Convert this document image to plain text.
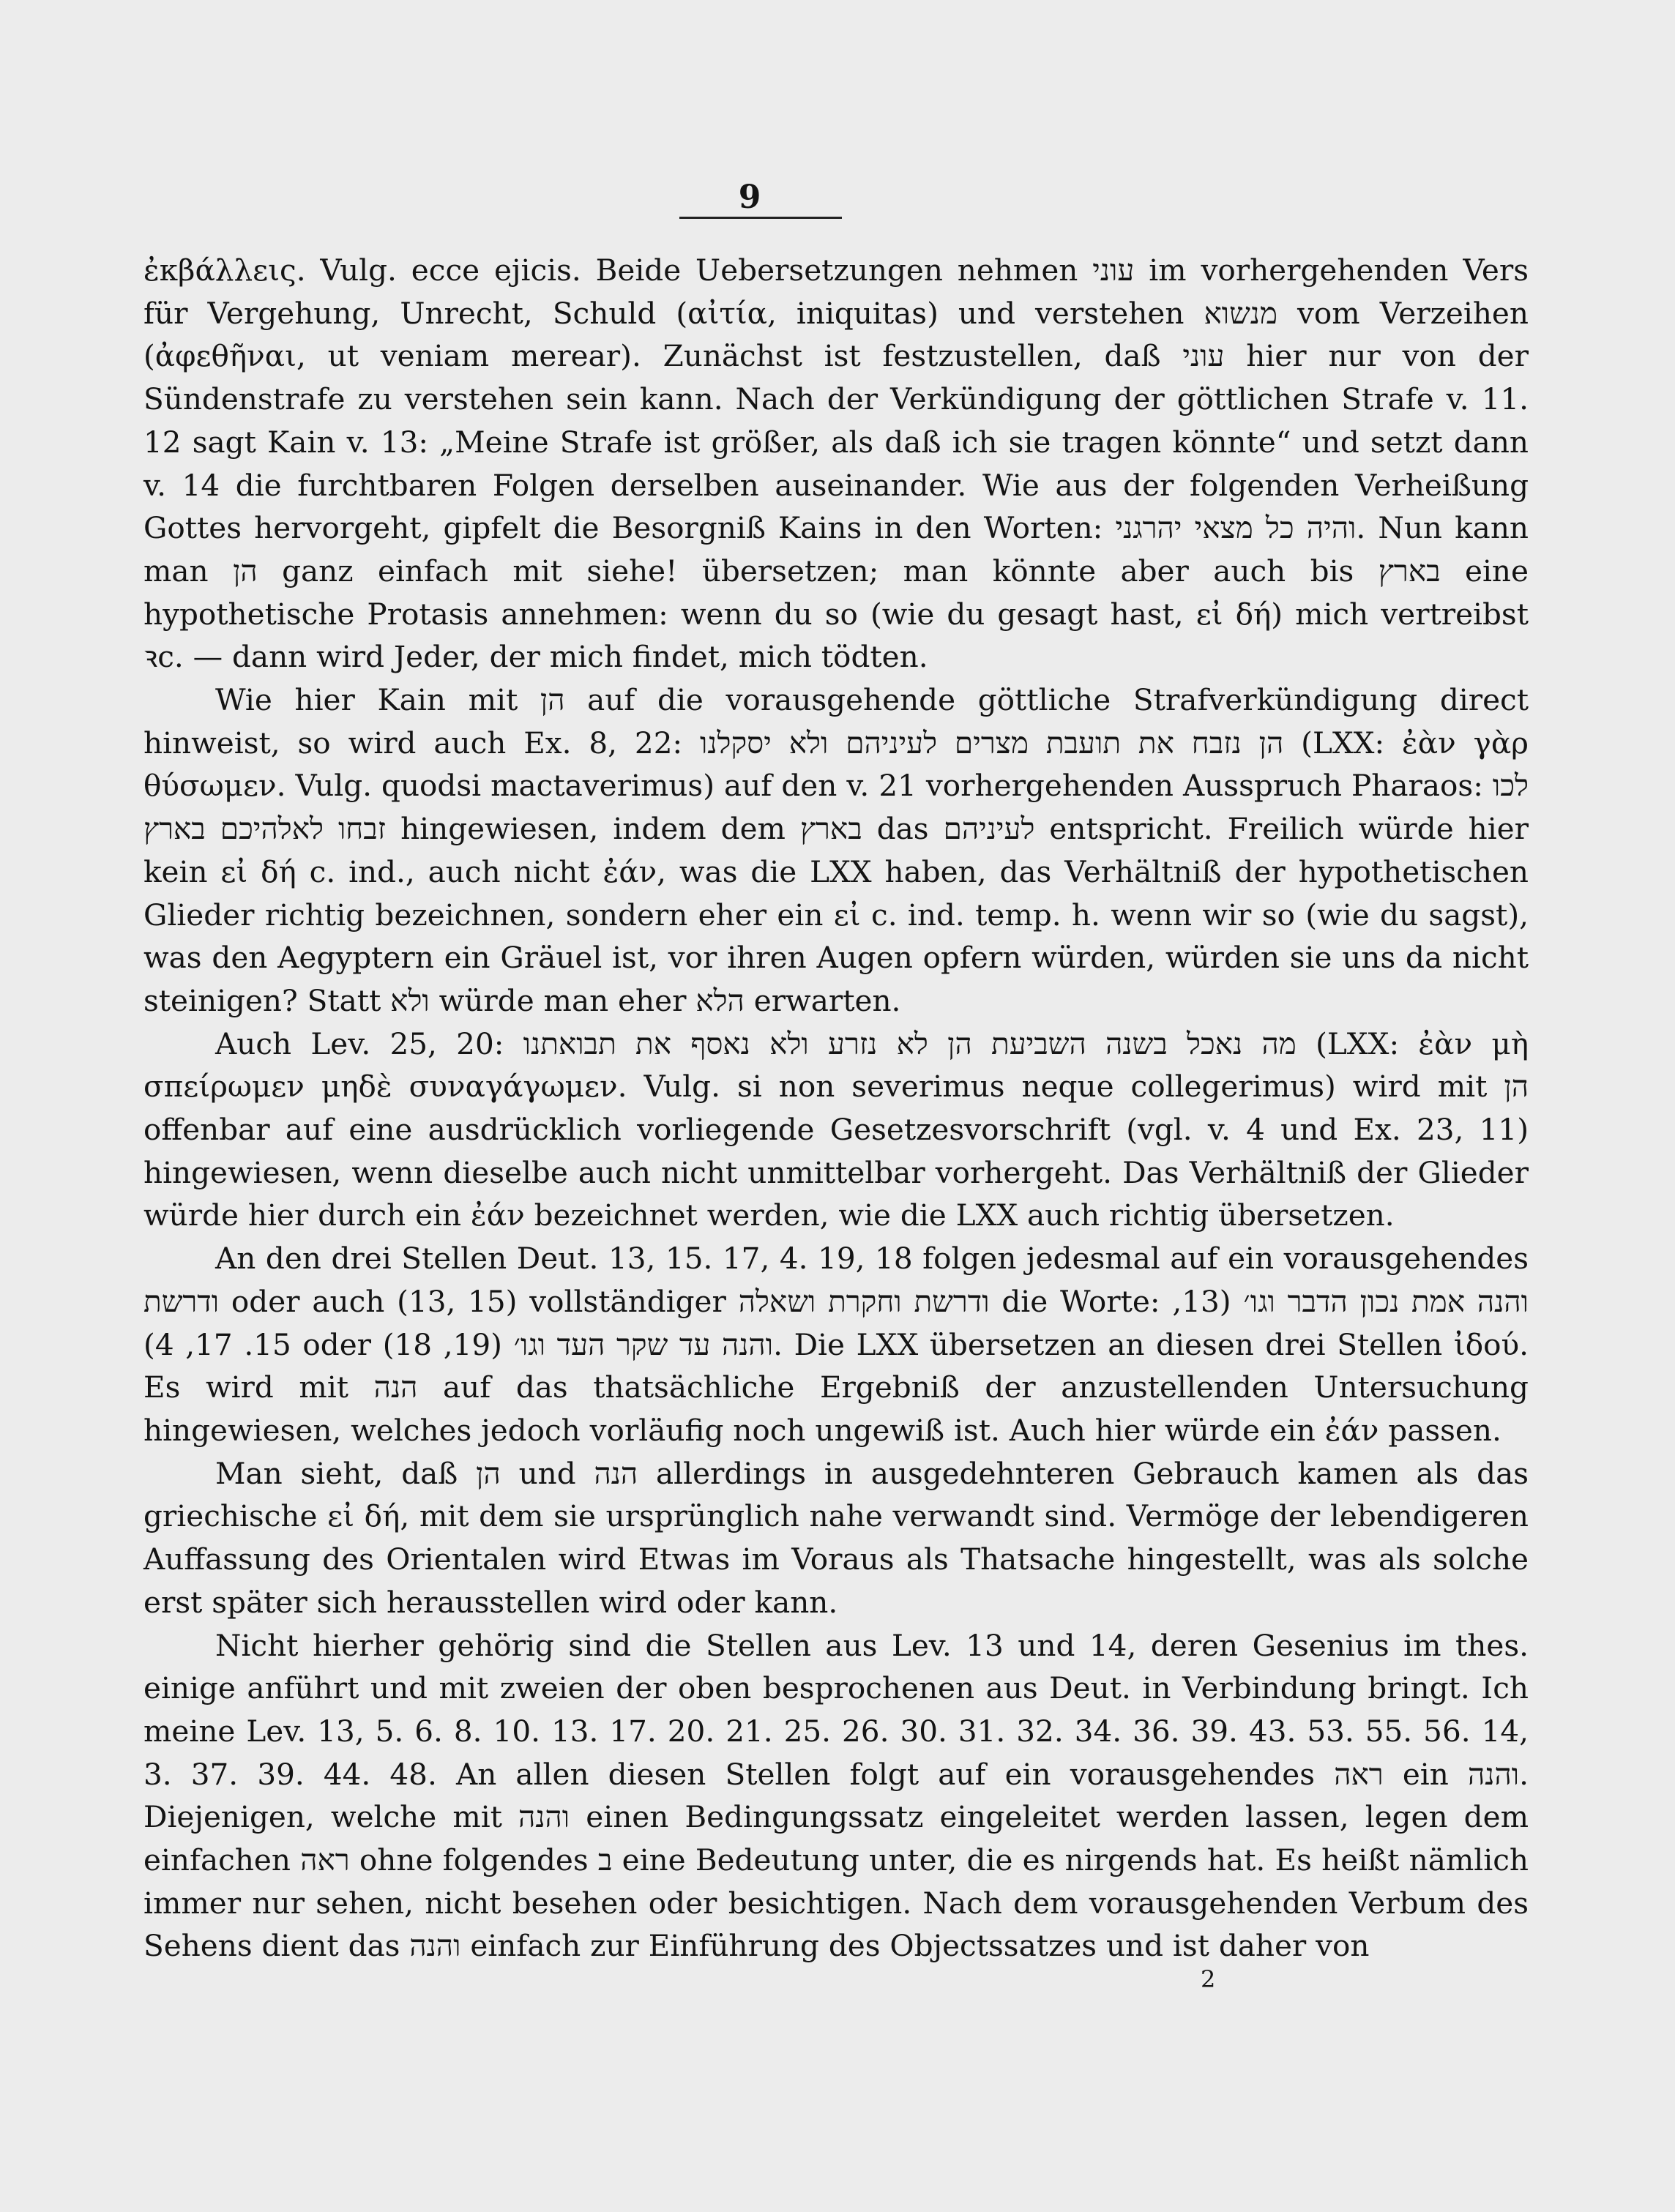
9

ἐκβάλλεις. Vulg. ecce ejicis. Beide Uebersetzungen nehmen עוני im vorhergehenden Vers für Vergehung, Unrecht, Schuld (αἰτία, iniquitas) und verstehen מנשוא vom Verzeihen (ἀφεθῆναι, ut veniam merear). Zunächst ist festzustellen, daß עוני hier nur von der Sündenstrafe zu verstehen sein kann. Nach der Verkündigung der göttlichen Strafe v. 11. 12 sagt Kain v. 13: „Meine Strafe ist größer, als daß ich sie tragen könnte“ und setzt dann v. 14 die furchtbaren Folgen derselben auseinander. Wie aus der folgenden Verheißung Gottes hervorgeht, gipfelt die Besorgniß Kains in den Worten: והיה כל מצאי יהרגני. Nun kann man הן ganz einfach mit siehe! übersetzen; man könnte aber auch bis בארץ eine hypothetische Protasis annehmen: wenn du so (wie du gesagt hast, εἰ δή) mich vertreibst ꝛc. — dann wird Jeder, der mich findet, mich tödten.

Wie hier Kain mit הן auf die vorausgehende göttliche Strafverkündigung direct hinweist, so wird auch Ex. 8, 22: הן נזבח את תועבת מצרים לעיניהם ולא יסקלנו (LXX: ἐὰν γὰρ θύσωμεν. Vulg. quodsi mactaverimus) auf den v. 21 vorhergehenden Ausspruch Pharaos: לכו זבחו לאלהיכם בארץ hingewiesen, indem dem בארץ das לעיניהם entspricht. Freilich würde hier kein εἰ δή c. ind., auch nicht ἐάν, was die LXX haben, das Verhältniß der hypothetischen Glieder richtig bezeichnen, sondern eher ein εἰ c. ind. temp. h. wenn wir so (wie du sagst), was den Aegyptern ein Gräuel ist, vor ihren Augen opfern würden, würden sie uns da nicht steinigen? Statt ולא würde man eher הלא erwarten.

Auch Lev. 25, 20: מה נאכל בשנה השביעת הן לא נזרע ולא נאסף את תבואתנו (LXX: ἐὰν μὴ σπείρωμεν μηδὲ συναγάγωμεν. Vulg. si non severimus neque collegerimus) wird mit הן offenbar auf eine ausdrücklich vorliegende Gesetzesvorschrift (vgl. v. 4 und Ex. 23, 11) hingewiesen, wenn dieselbe auch nicht unmittelbar vorhergeht. Das Verhältniß der Glieder würde hier durch ein ἐάν bezeichnet werden, wie die LXX auch richtig übersetzen.

An den drei Stellen Deut. 13, 15. 17, 4. 19, 18 folgen jedesmal auf ein vorausgehendes ודרשת oder auch (13, 15) vollständiger ודרשת וחקרת ושאלה die Worte: והנה אמת נכון הדבר וגו׳ (13, 15. 17, 4) oder והנה עד שקר העד וגו׳ (19, 18). Die LXX übersetzen an diesen drei Stellen ἰδού. Es wird mit הנה auf das thatsächliche Ergebniß der anzustellenden Untersuchung hingewiesen, welches jedoch vorläufig noch ungewiß ist. Auch hier würde ein ἐάν passen.

Man sieht, daß הן und הנה allerdings in ausgedehnteren Gebrauch kamen als das griechische εἰ δή, mit dem sie ursprünglich nahe verwandt sind. Vermöge der lebendigeren Auffassung des Orientalen wird Etwas im Voraus als Thatsache hingestellt, was als solche erst später sich herausstellen wird oder kann.

Nicht hierher gehörig sind die Stellen aus Lev. 13 und 14, deren Gesenius im thes. einige anführt und mit zweien der oben besprochenen aus Deut. in Verbindung bringt. Ich meine Lev. 13, 5. 6. 8. 10. 13. 17. 20. 21. 25. 26. 30. 31. 32. 34. 36. 39. 43. 53. 55. 56. 14, 3. 37. 39. 44. 48. An allen diesen Stellen folgt auf ein vorausgehendes ראה ein והנה. Diejenigen, welche mit והנה einen Bedingungssatz eingeleitet werden lassen, legen dem einfachen ראה ohne folgendes ב eine Bedeutung unter, die es nirgends hat. Es heißt nämlich immer nur sehen, nicht besehen oder besichtigen. Nach dem vorausgehenden Verbum des Sehens dient das והנה einfach zur Einführung des Objectssatzes und ist daher von

2
